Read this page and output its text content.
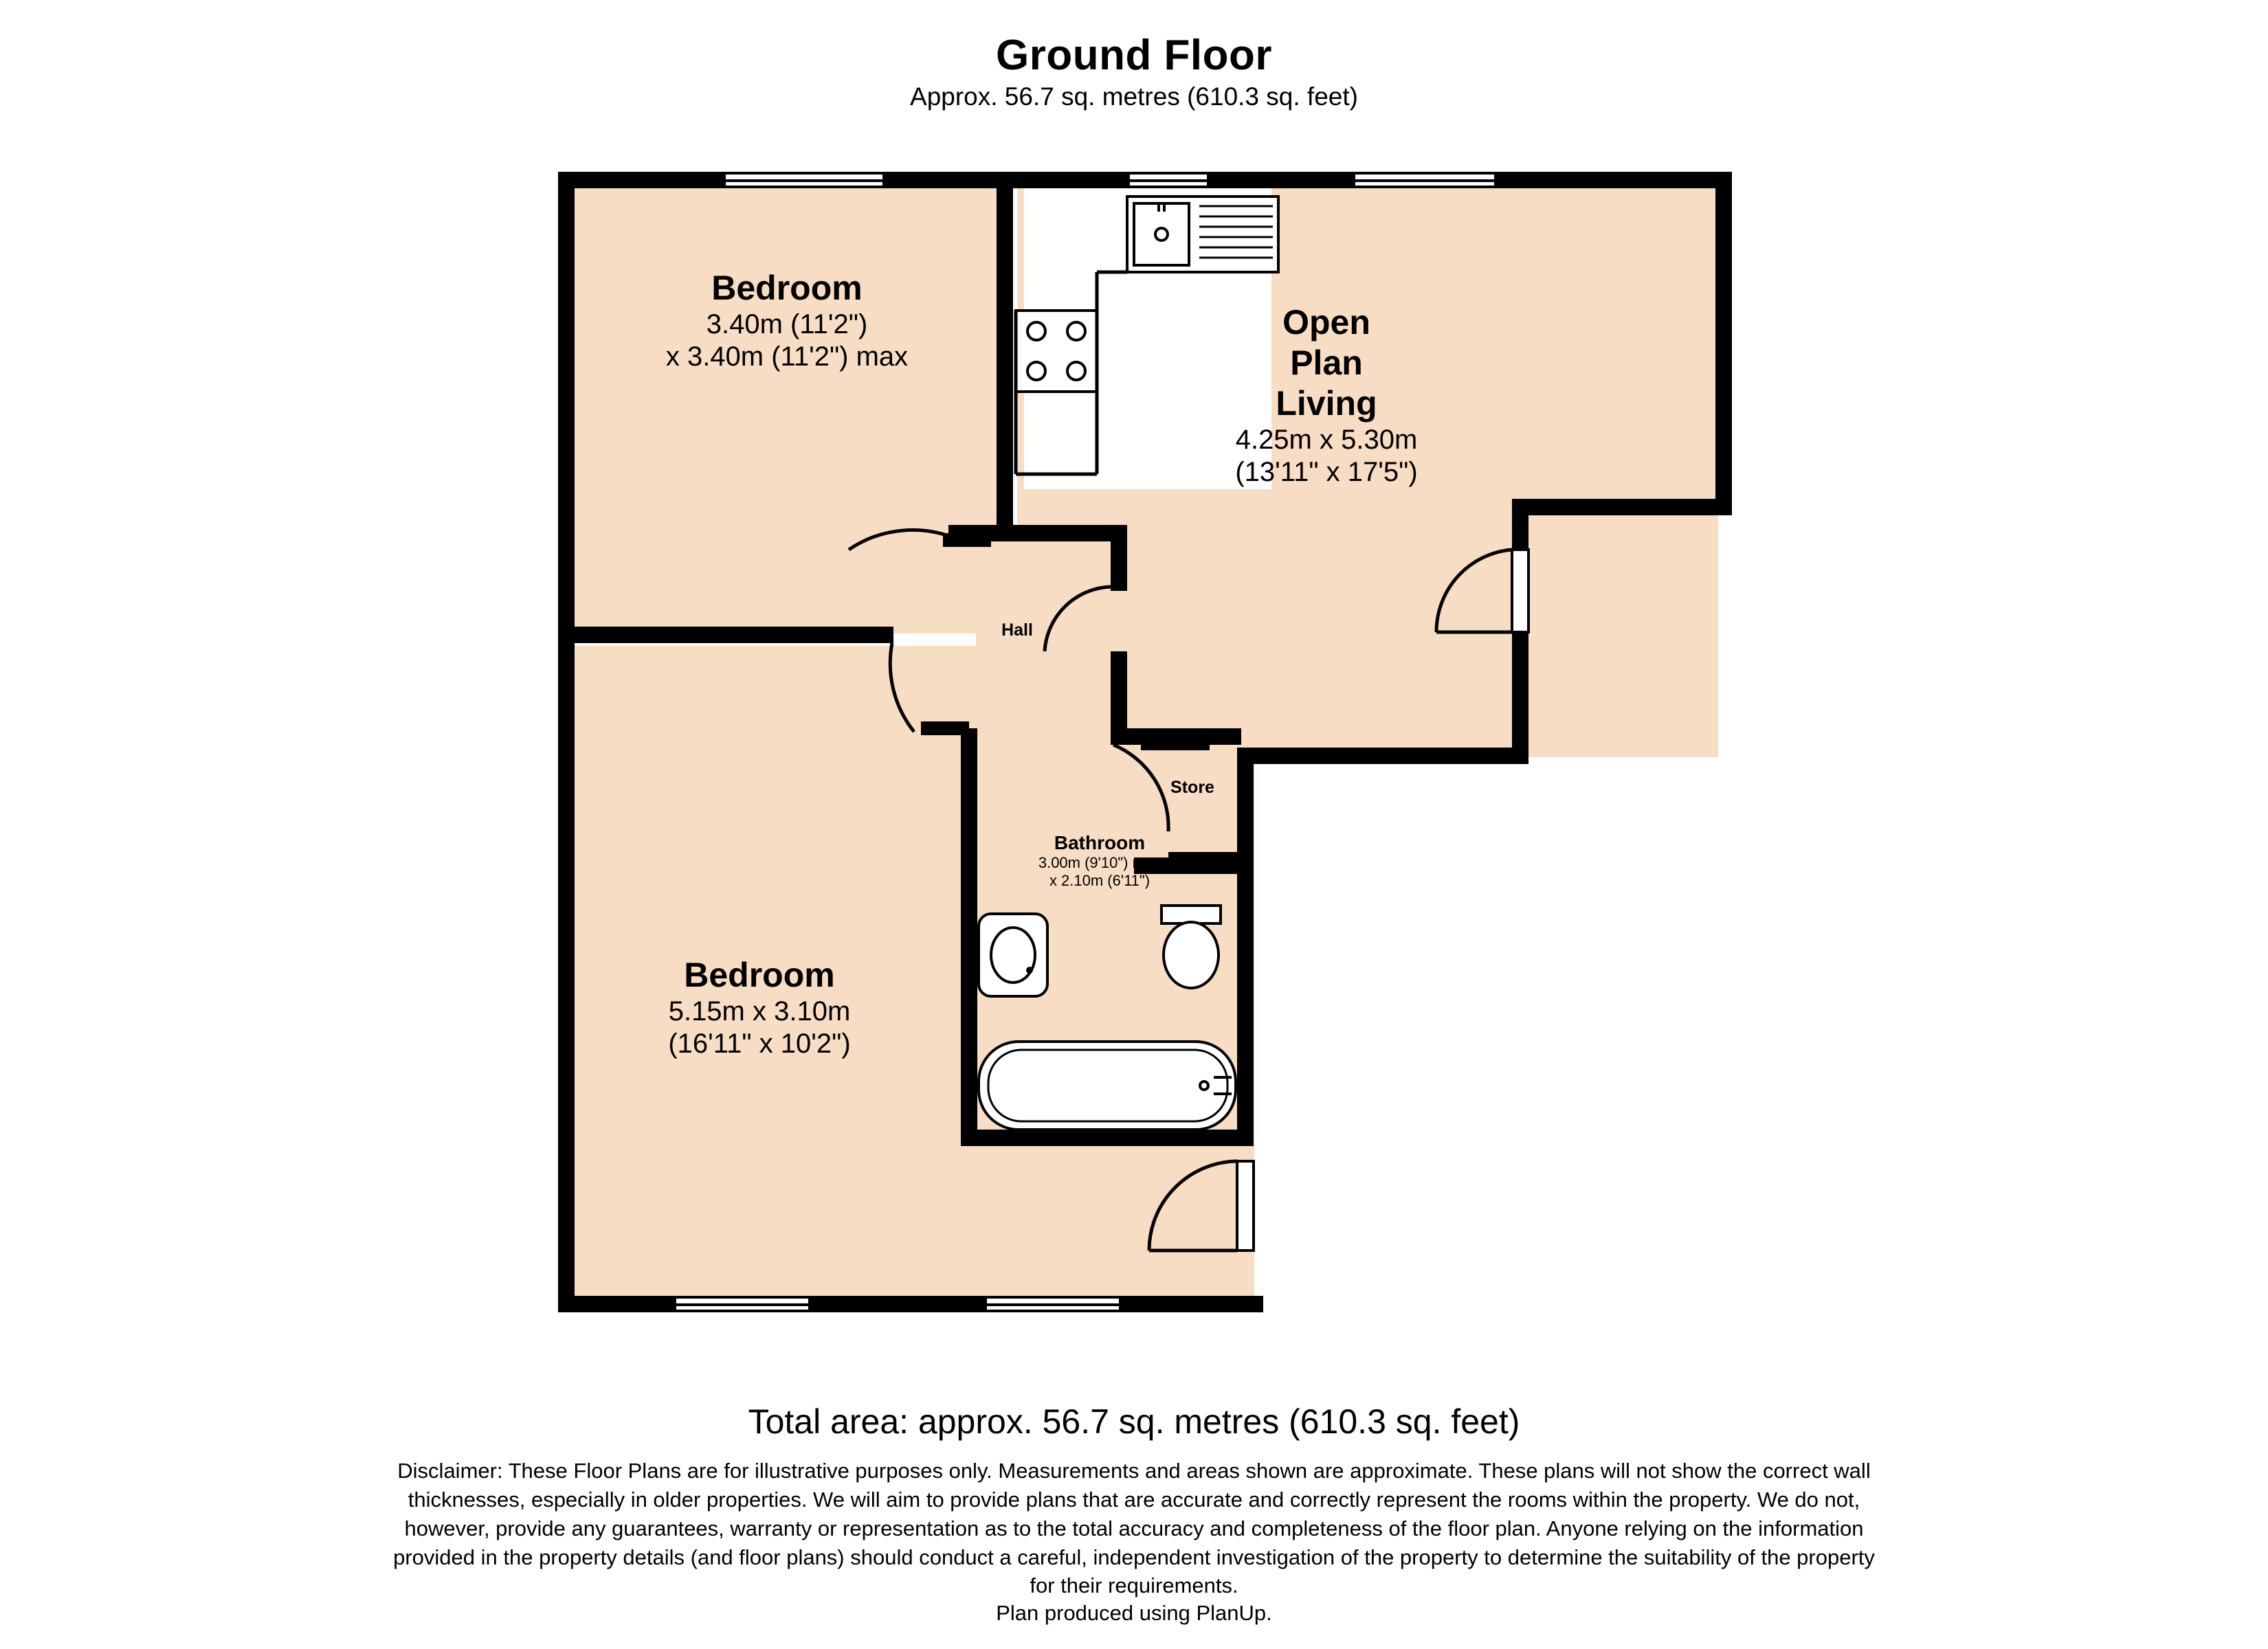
Ground Floor
Approx. 56.7 sq. metres (610.3 sq. feet)
Bedroom
3.40m (11'2")
x 3.40m (11'2") max
Open
Plan
Living
4.25m x 5.30m
(13'11" x 17'5")
Hall
Store
Bathroom
3.00m (9'10") max
x 2.10m (6'11")
Bedroom
5.15m x 3.10m
(16'11" x 10'2")
Total area: approx. 56.7 sq. metres (610.3 sq. feet)
Disclaimer: These Floor Plans are for illustrative purposes only. Measurements and areas shown are approximate. These plans will not show the correct wall thicknesses, especially in older properties. We will aim to provide plans that are accurate and correctly represent the rooms within the property. We do not, however, provide any guarantees, warranty or representation as to the total accuracy and completeness of the floor plan. Anyone relying on the information provided in the property details (and floor plans) should conduct a careful, independent investigation of the property to determine the suitability of the property for their requirements.
Plan produced using PlanUp.
